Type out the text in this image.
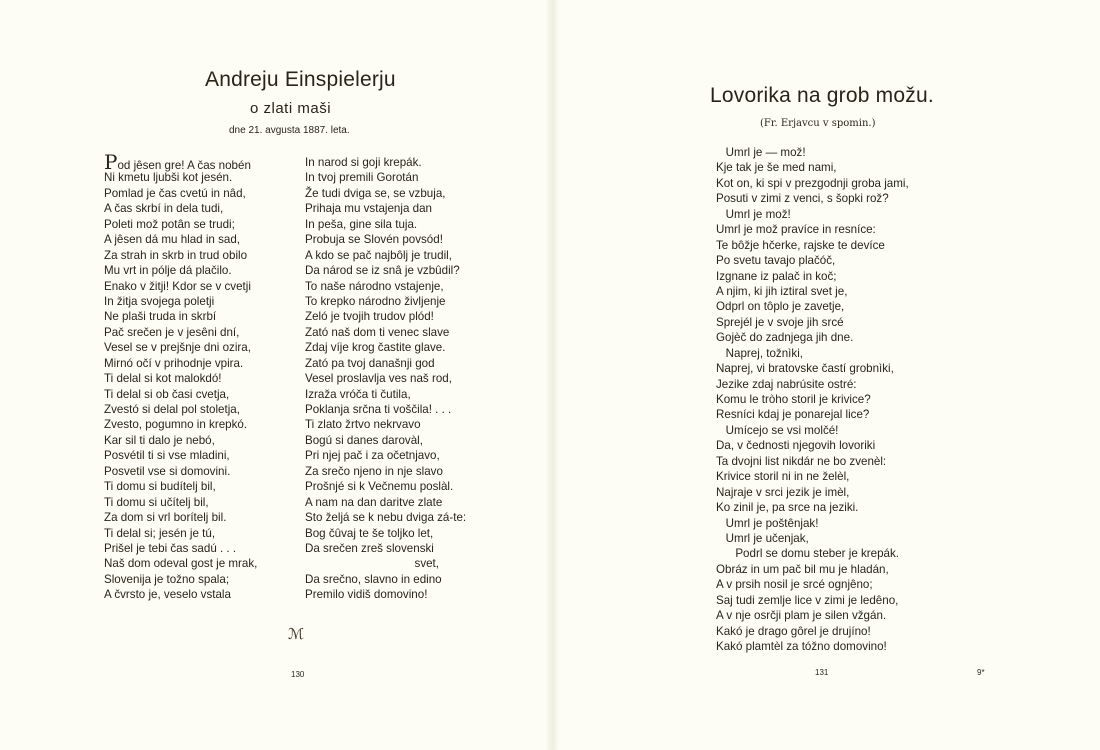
Andreju Einspielerju

o zlati maši

dne 21. avgusta 1887. leta.

Pod jêsen gre! A čas nobén
Ni kmetu ljubši kot jesén.
Pomlad je čas cvetú in nâd,
A čas skrbí in dela tudi,
Poleti mož potân se trudi;
A jêsen dá mu hlad in sad,
Za strah in skrb in trud obilo
Mu vrt in pólje dá plačilo.
Enako v žitji! Kdor se v cvetji
In žitja svojega poletji
Ne plaši truda in skrbí
Pač srečen je v jesêni dní,
Vesel se v prejšnje dni ozira,
Mirnó očí v prihodnje vpira.
Ti delal si kot malokdó!
Ti delal si ob časi cvetja,
Zvestó si delal pol stoletja,
Zvesto, pogumno in krepkó.
Kar sil ti dalo je nebó,
Posvétil ti si vse mladini,
Posvetil vse si domovini.
Ti domu si budítelj bil,
Ti domu si učítelj bil,
Za dom si vrl borítelj bil.
Ti delal si; jesén je tú,
Prišel je tebi čas sadú . . .
Naš dom odeval gost je mrak,
Slovenija je tožno spala;
A čvrsto je, veselo vstala
In narod si goji krepák.
In tvoj premili Gorotán
Že tudi dviga se, se vzbuja,
Prihaja mu vstajenja dan
In peša, gine sila tuja.
Probuja se Slovén povsód!
A kdo se pač najbôlj je trudil,
Da národ se iz snâ je vzbûdil?
To naše národno vstajenje,
To krepko národno življenje
Zeló je tvojih trudov plód!
Zató naš dom ti venec slave
Zdaj víje krog častite glave.
Zató pa tvoj današnji god
Vesel proslavlja ves naš rod,
Izraža vróča ti čutila,
Poklanja srčna ti voščila! . . .
Ti zlato žrtvo nekrvavo
Bogú si danes darovàl,
Pri njej pač i za očetnjavo,
Za srečo njeno in nje slavo
Prošnjé si k Večnemu poslàl.
A nam na dan daritve zlate
Sto željá se k nebu dviga zá-te:
Bog čûvaj te še toljko let,
Da srečen zreš slovenski
svet,
Da srečno, slavno in edino
Premilo vidiš domovino!
ℳ

130

Lovorika na grob možu.

(Fr. Erjavcu v spomin.)

Umrl je — mož!
Kje tak je še med nami,
Kot on, ki spi v prezgodnji groba jami,
Posuti v zimi z venci, s šopki rož?
Umrl je mož!
Umrl je mož pravíce in resníce:
Te bôžje hčerke, rajske te devíce
Po svetu tavajo plačóč,
Izgnane iz palač in koč;
A njim, ki jih iztiral svet je,
Odprl on tôplo je zavetje,
Sprejél je v svoje jih srcé
Gojèč do zadnjega jih dne.
Naprej, tožnìki,
Naprej, vi bratovske častí grobnìki,
Jezike zdaj nabrúsite ostré:
Komu le tròho storil je krivice?
Resníci kdaj je ponarejal lice?
Umícejo se vsi molčé!
Da, v čednosti njegovih lovoriki
Ta dvojni list nikdár ne bo zvenèl:
Krivice storil ni in ne želèl,
Najraje v srci jezik je imèl,
Ko zinil je, pa srce na jeziki.
Umrl je poštênjak!
Umrl je učenjak,
Podrl se domu steber je krepák.
Obráz in um pač bil mu je hladán,
A v prsih nosil je srcé ognjêno;
Saj tudi zemlje lice v zimi je ledêno,
A v nje osrčji plam je silen vžgán.
Kakó je drago gôrel je drujíno!
Kakó plamtèl za tóžno domovino!

131	9*
